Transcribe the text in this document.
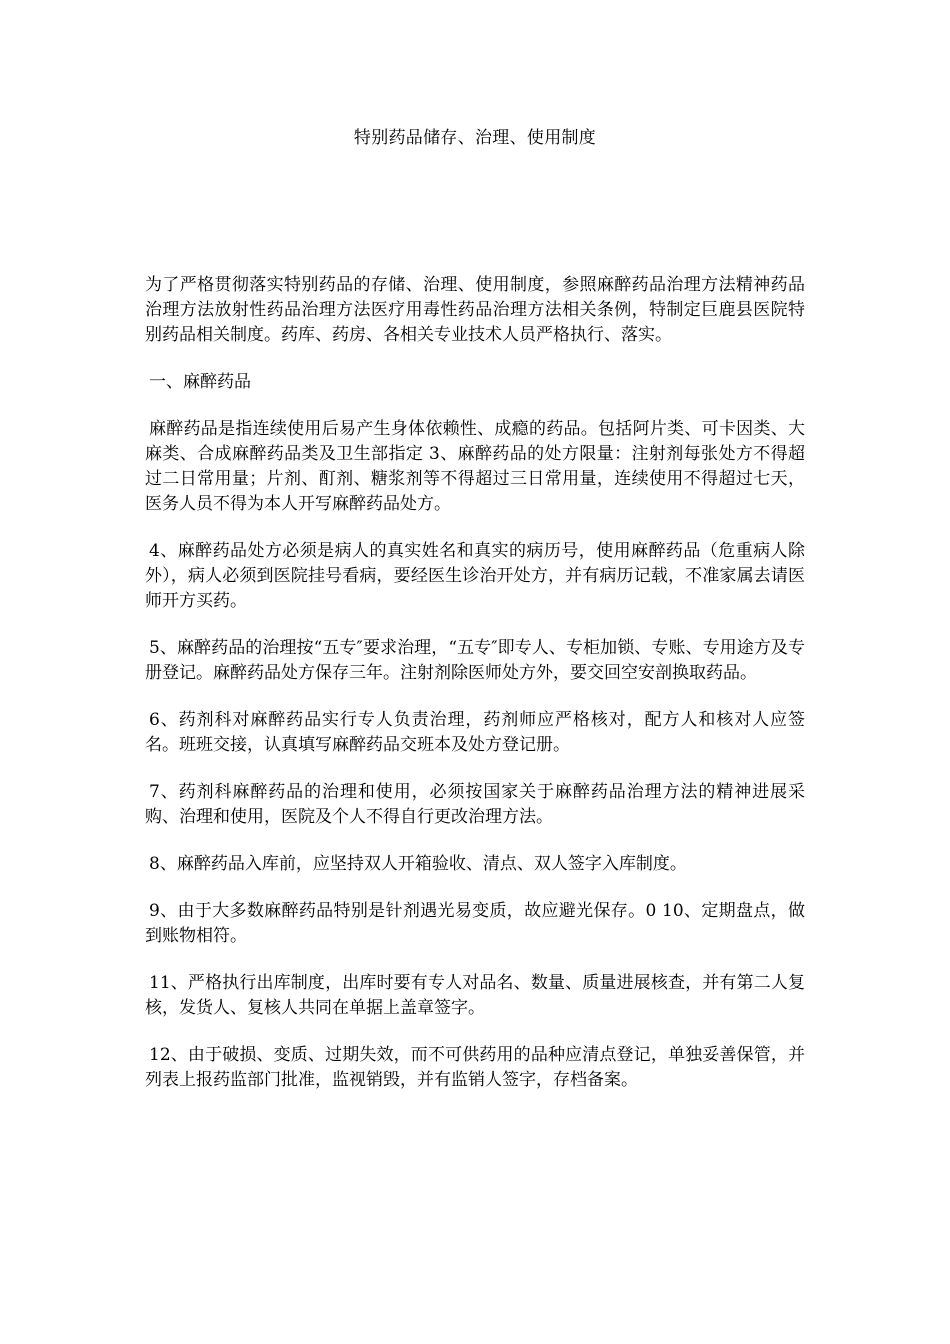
特别药品储存、治理、使用制度

为了严格贯彻落实特别药品的存储、治理、使用制度，参照麻醉药品治理方法精神药品治理方法放射性药品治理方法医疗用毒性药品治理方法相关条例，特制定巨鹿县医院特别药品相关制度。药库、药房、各相关专业技术人员严格执行、落实。

一、麻醉药品

麻醉药品是指连续使用后易产生身体依赖性、成瘾的药品。包括阿片类、可卡因类、大麻类、合成麻醉药品类及卫生部指定 3、麻醉药品的处方限量：注射剂每张处方不得超过二日常用量；片剂、酊剂、糖浆剂等不得超过三日常用量，连续使用不得超过七天，医务人员不得为本人开写麻醉药品处方。

4、麻醉药品处方必须是病人的真实姓名和真实的病历号，使用麻醉药品（危重病人除外），病人必须到医院挂号看病，要经医生诊治开处方，并有病历记载，不准家属去请医师开方买药。

5、麻醉药品的治理按“五专″要求治理，“五专″即专人、专柜加锁、专账、专用途方及专册登记。麻醉药品处方保存三年。注射剂除医师处方外，要交回空安剖换取药品。

6、药剂科对麻醉药品实行专人负责治理，药剂师应严格核对，配方人和核对人应签名。班班交接，认真填写麻醉药品交班本及处方登记册。

7、药剂科麻醉药品的治理和使用，必须按国家关于麻醉药品治理方法的精神进展采购、治理和使用，医院及个人不得自行更改治理方法。

8、麻醉药品入库前，应坚持双人开箱验收、清点、双人签字入库制度。

9、由于大多数麻醉药品特别是针剂遇光易变质，故应避光保存。0 10、定期盘点，做到账物相符。

11、严格执行出库制度，出库时要有专人对品名、数量、质量进展核查，并有第二人复核，发货人、复核人共同在单据上盖章签字。

12、由于破损、变质、过期失效，而不可供药用的品种应清点登记，单独妥善保管，并列表上报药监部门批准，监视销毁，并有监销人签字，存档备案。
